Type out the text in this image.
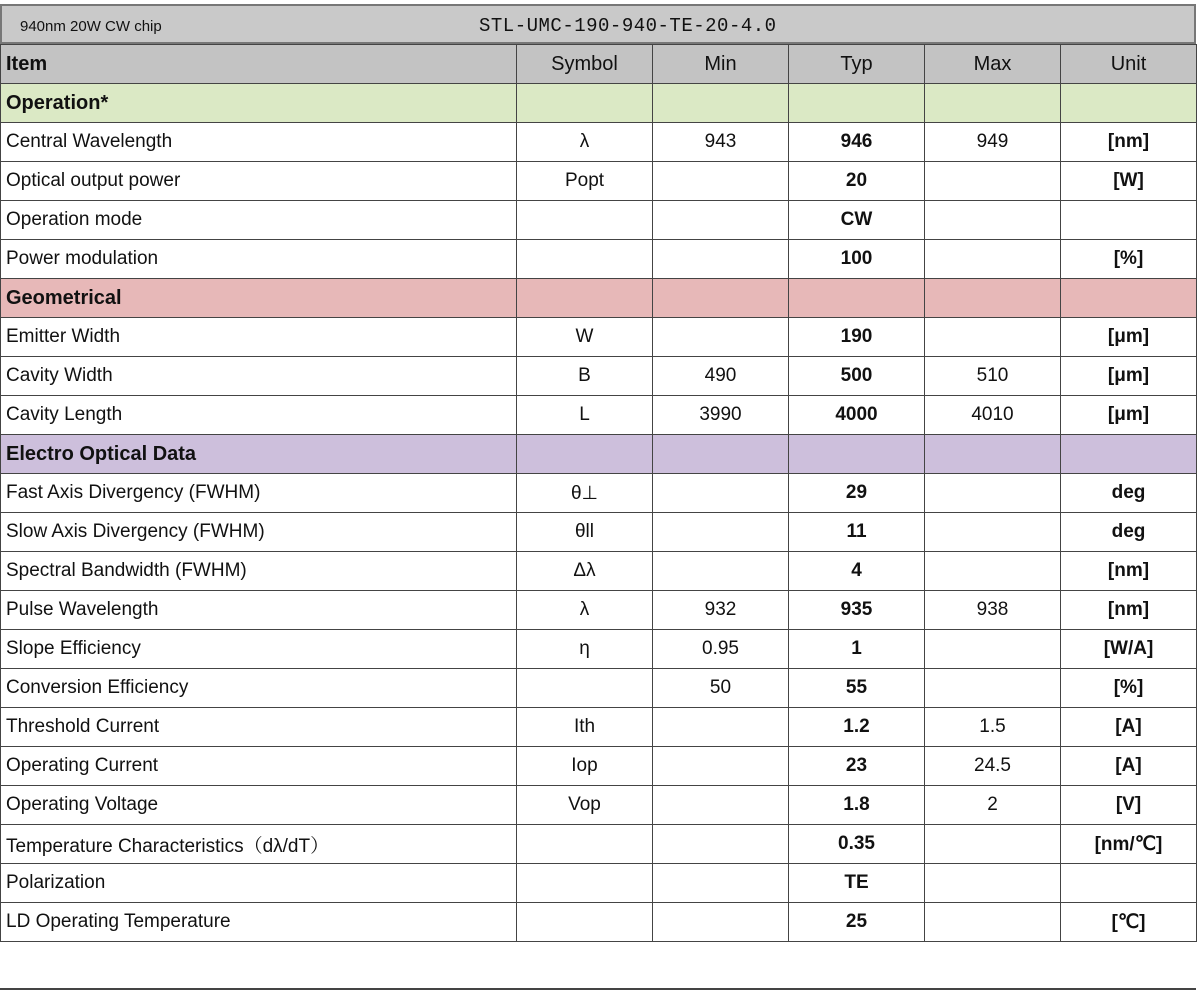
940nm 20W CW chip	STL-UMC-190-940-TE-20-4.0
Item	Symbol	Min	Typ	Max	Unit
Operation*					
Central Wavelength	λ	943	946	949	[nm]
Optical output power	Popt		20		[W]
Operation mode			CW		
Power modulation			100		[%]
Geometrical					
Emitter Width	W		190		[μm]
Cavity Width	B	490	500	510	[μm]
Cavity Length	L	3990	4000	4010	[μm]
Electro Optical Data					
Fast Axis Divergency (FWHM)	θ⊥		29		deg
Slow Axis Divergency (FWHM)	θll		11		deg
Spectral Bandwidth (FWHM)	Δλ		4		[nm]
Pulse Wavelength	λ	932	935	938	[nm]
Slope Efficiency	η	0.95	1		[W/A]
Conversion Efficiency		50	55		[%]
Threshold Current	Ith		1.2	1.5	[A]
Operating Current	Iop		23	24.5	[A]
Operating Voltage	Vop		1.8	2	[V]
Temperature Characteristics（dλ/dT）			0.35		[nm/℃]
Polarization			TE		
LD Operating Temperature			25		[℃]
